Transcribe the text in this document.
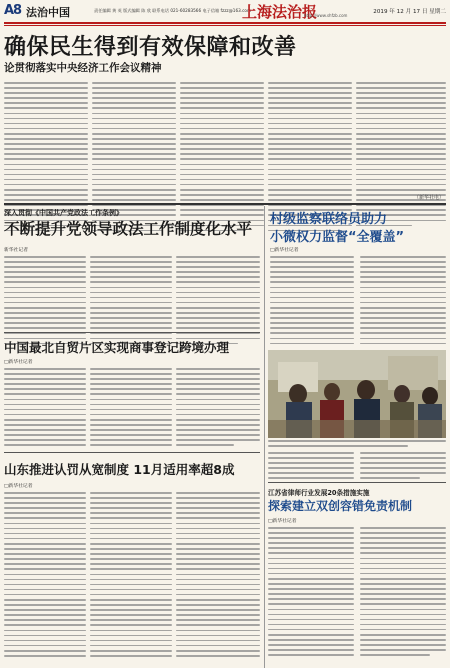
A8 法治中国	责任编辑 黄 英 版式编辑 陈 欣 联系电话 021-60283566 电子信箱 fzzz@163.com
上海法治报
http://www.shfzb.com
2019 年 12 月 17 日 星期二
确保民生得到有效保障和改善
论贯彻落实中央经济工作会议精神
（新华社电）
深入贯彻《中国共产党政法工作条例》
不断提升党领导政法工作制度化水平
新华社记者
村级监察联络员助力
小微权力监督“全覆盖”
□新华社记者
中国最北自贸片区实现商事登记跨境办理
□新华社记者
山东推进认罚从宽制度 11月适用率超8成
□新华社记者
江苏省律师行业发展20条措施实施
探索建立双创容错免责机制
□新华社记者
